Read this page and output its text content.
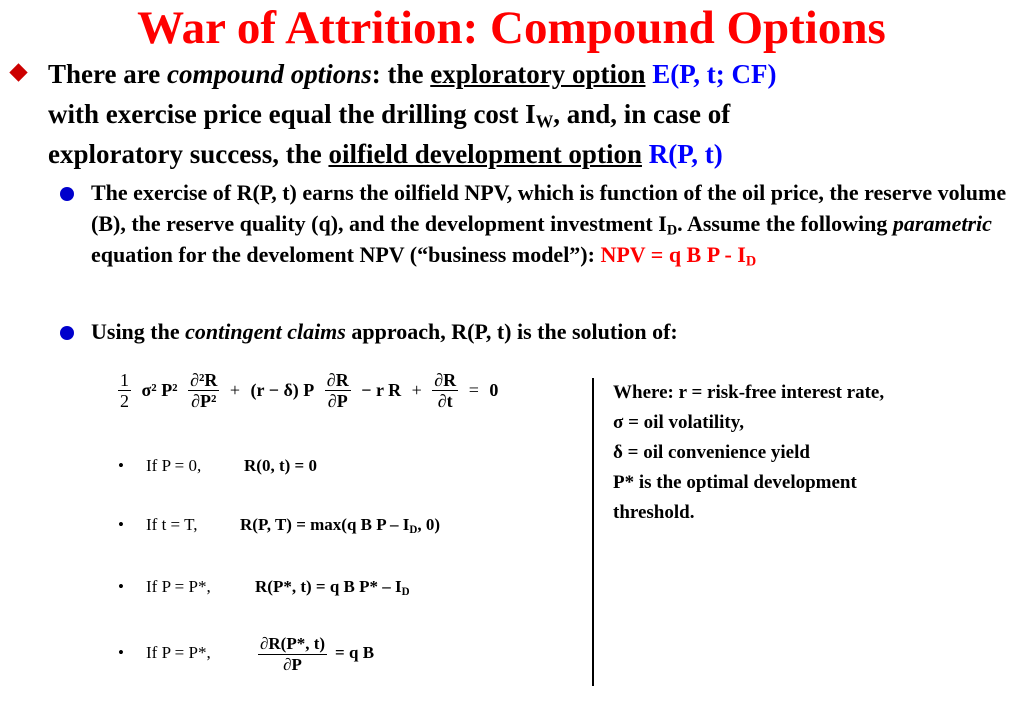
War of Attrition: Compound Options
There are compound options: the exploratory option E(P, t; CF)
with exercise price equal the drilling cost $I_W$, and, in case of
exploratory success, the oilfield development option R(P, t)
The exercise of R(P, t) earns the oilfield NPV, which is function of the oil price, the reserve volume (B), the reserve quality (q), and the development investment $I_D$. Assume the following parametric equation for the develoment NPV (“business model”): NPV = q B P - $I_D$
Using the contingent claims approach, R(P, t) is the solution of:
$\frac{1}{2} \sigma^2$ $P^2 \frac{\text{∂²R}}{\text{∂P²}} + (r - \delta)$ P $\frac{\partial R}{\partial P} - r$ $R + \frac{\partial R}{\partial t} = 0$
• If P = 0,	R(0, t) = 0
• If t = T,	R(P, T) = max(q B P – $I_D$, 0)
• If P = P*,	R(P*, t) = q B $P* - I_D$
• If P = P*,	$\frac{\partial R(P*, t)}{\partial P} = q$ B
Where: r = risk-free interest rate,
σ = oil volatility,
δ = oil convenience yield
P* is the optimal development
threshold.
